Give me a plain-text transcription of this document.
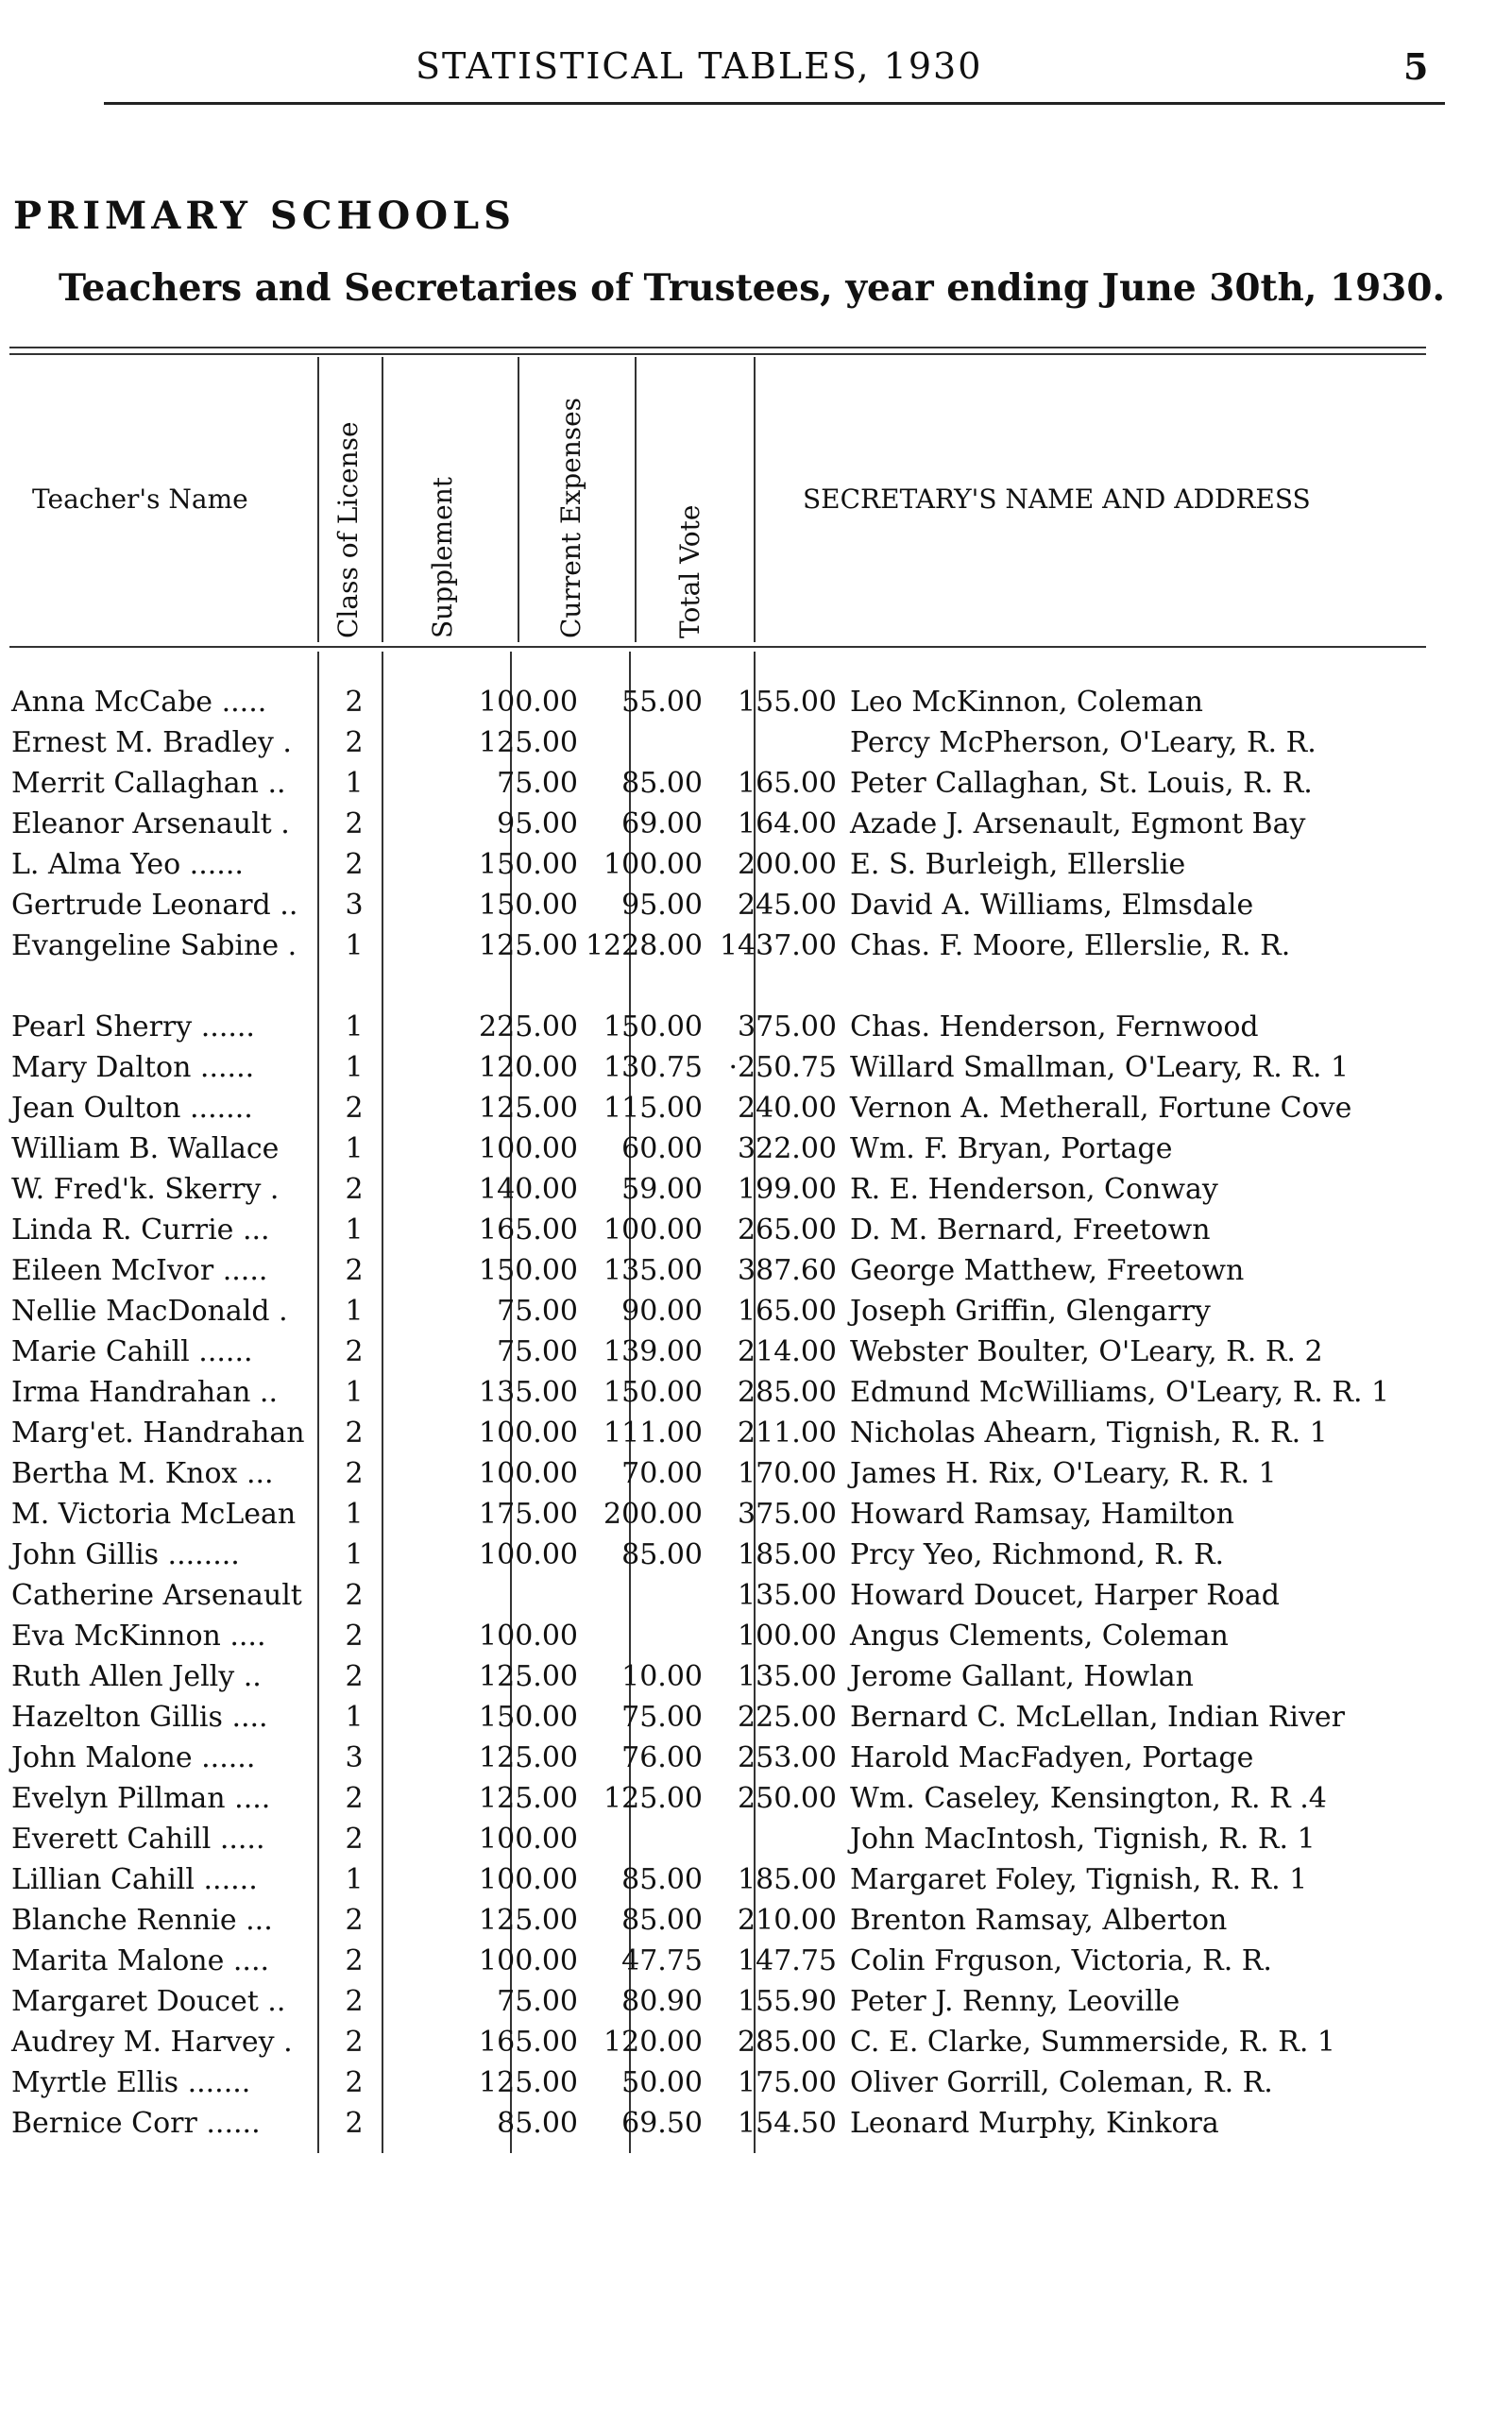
STATISTICAL TABLES, 1930	5
PRIMARY SCHOOLS
Teachers and Secretaries of Trustees, year ending June 30th, 1930.
Teacher's Name	Class of License Supplement	Current Expenses	Total Vote
SECRETARY'S NAME AND ADDRESS
Anna McCabe .....	2	100.00	55.00	155.00	Leo McKinnon, Coleman
Ernest M. Bradley .	2	125.00			Percy McPherson, O'Leary, R. R.
Merrit Callaghan ..	1	75.00	85.00	165.00	Peter Callaghan, St. Louis, R. R.
Eleanor Arsenault .	2	95.00	69.00	164.00	Azade J. Arsenault, Egmont Bay
L. Alma Yeo ......	2	150.00	100.00	200.00	E. S. Burleigh, Ellerslie
Gertrude Leonard ..	3	150.00	95.00	245.00	David A. Williams, Elmsdale
Evangeline Sabine .	1	125.00	1228.00	1437.00	Chas. F. Moore, Ellerslie, R. R.

Pearl Sherry ......	1	225.00	150.00	375.00	Chas. Henderson, Fernwood
Mary Dalton ......	1	120.00	130.75	·250.75	Willard Smallman, O'Leary, R. R. 1
Jean Oulton .......	2	125.00	115.00	240.00	Vernon A. Metherall, Fortune Cove
William B. Wallace	1	100.00	60.00	322.00	Wm. F. Bryan, Portage
W. Fred'k. Skerry .	2	140.00	59.00	199.00	R. E. Henderson, Conway
Linda R. Currie ...	1	165.00	100.00	265.00	D. M. Bernard, Freetown
Eileen McIvor .....	2	150.00	135.00	387.60	George Matthew, Freetown
Nellie MacDonald .	1	75.00	90.00	165.00	Joseph Griffin, Glengarry
Marie Cahill ......	2	75.00	139.00	214.00	Webster Boulter, O'Leary, R. R. 2
Irma Handrahan ..	1	135.00	150.00	285.00	Edmund McWilliams, O'Leary, R. R. 1
Marg'et. Handrahan	2	100.00	111.00	211.00	Nicholas Ahearn, Tignish, R. R. 1
Bertha M. Knox ...	2	100.00	70.00	170.00	James H. Rix, O'Leary, R. R. 1
M. Victoria McLean	1	175.00	200.00	375.00	Howard Ramsay, Hamilton
John Gillis ........	1	100.00	85.00	185.00	Prcy Yeo, Richmond, R. R.
Catherine Arsenault	2			135.00	Howard Doucet, Harper Road
Eva McKinnon ....	2	100.00		100.00	Angus Clements, Coleman
Ruth Allen Jelly ..	2	125.00	10.00	135.00	Jerome Gallant, Howlan
Hazelton Gillis ....	1	150.00	75.00	225.00	Bernard C. McLellan, Indian River
John Malone ......	3	125.00	76.00	253.00	Harold MacFadyen, Portage
Evelyn Pillman ....	2	125.00	125.00	250.00	Wm. Caseley, Kensington, R. R .4
Everett Cahill .....	2	100.00			John MacIntosh, Tignish, R. R. 1
Lillian Cahill ......	1	100.00	85.00	185.00	Margaret Foley, Tignish, R. R. 1
Blanche Rennie ...	2	125.00	85.00	210.00	Brenton Ramsay, Alberton
Marita Malone ....	2	100.00	47.75	147.75	Colin Frguson, Victoria, R. R.
Margaret Doucet ..	2	75.00	80.90	155.90	Peter J. Renny, Leoville
Audrey M. Harvey .	2	165.00	120.00	285.00	C. E. Clarke, Summerside, R. R. 1
Myrtle Ellis .......	2	125.00	50.00	175.00	Oliver Gorrill, Coleman, R. R.
Bernice Corr ......	2	85.00	69.50	154.50	Leonard Murphy, Kinkora
